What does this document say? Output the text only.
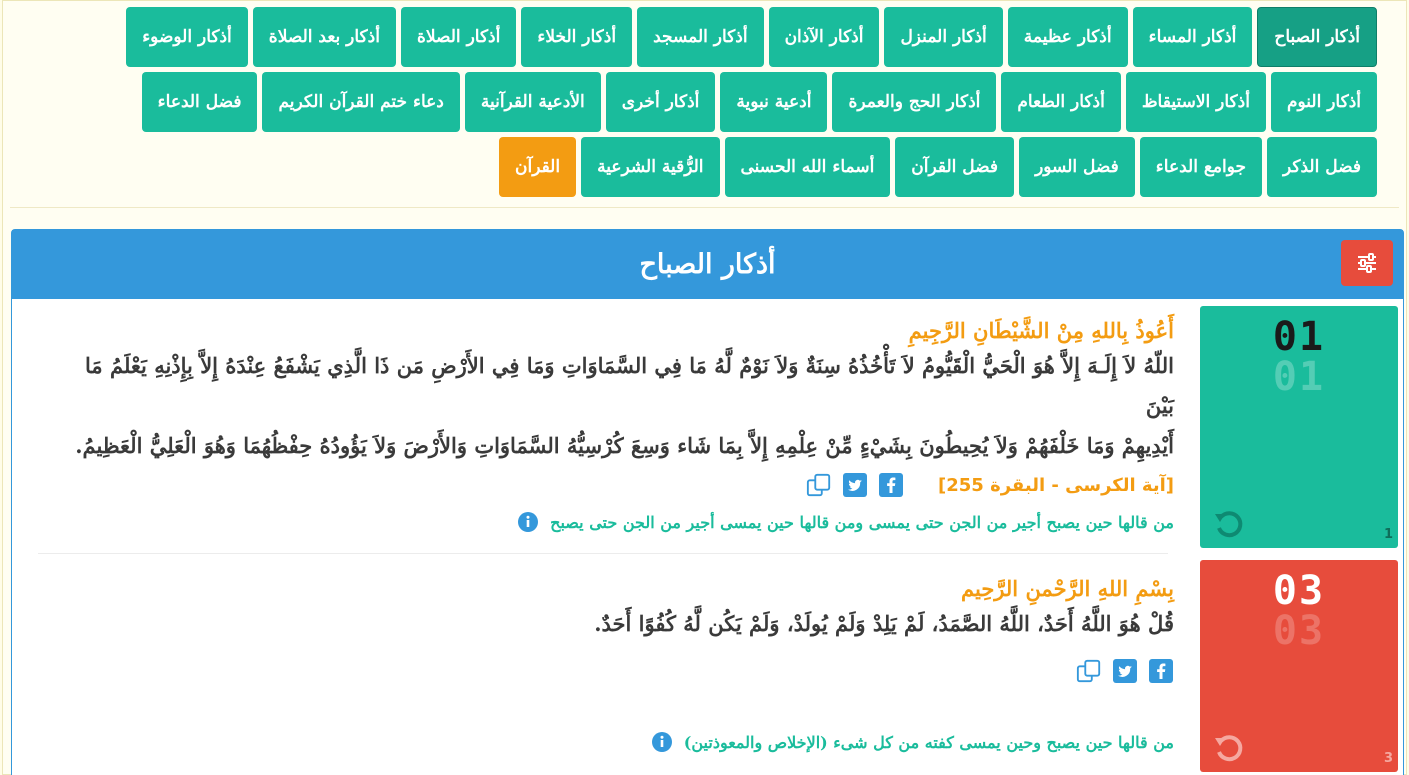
أذكار الصباح
أذكار المساء
أذكار عظيمة
أذكار المنزل
أذكار الآذان
أذكار المسجد
أذكار الخلاء
أذكار الصلاة
أذكار بعد الصلاة
أذكار الوضوء
أذكار النوم
أذكار الاستيقاظ
أذكار الطعام
أذكار الحج والعمرة
أدعية نبوية
أذكار أخرى
الأدعية القرآنية
دعاء ختم القرآن الكريم
فضل الدعاء
فضل الذكر
جوامع الدعاء
فضل السور
فضل القرآن
أسماء الله الحسنى
الرُّقية الشرعية
القرآن
أذكار الصباح
01
01
1
أَعُوذُ بِاللهِ مِنْ الشَّيْطَانِ الرَّجِيمِ
اللّهُ لاَ إِلَـهَ إِلاَّ هُوَ الْحَيُّ الْقَيُّومُ لاَ تَأْخُذُهُ سِنَةٌ وَلاَ نَوْمٌ لَّهُ مَا فِي السَّمَاوَاتِ وَمَا فِي الأَرْضِ مَن ذَا الَّذِي يَشْفَعُ عِنْدَهُ إِلاَّ بِإِذْنِهِ يَعْلَمُ مَا بَيْنَ
أَيْدِيهِمْ وَمَا خَلْفَهُمْ وَلاَ يُحِيطُونَ بِشَيْءٍ مِّنْ عِلْمِهِ إِلاَّ بِمَا شَاء وَسِعَ كُرْسِيُّهُ السَّمَاوَاتِ وَالأَرْضَ وَلاَ يَؤُودُهُ حِفْظُهُمَا وَهُوَ الْعَلِيُّ الْعَظِيمُ.
[آية الكرسى - البقرة 255]
من قالها حين يصبح أجير من الجن حتى يمسى ومن قالها حين يمسى أجير من الجن حتى يصبح
03
03
3
بِسْمِ اللهِ الرَّحْمنِ الرَّحِيم
قُلْ هُوَ اللَّهُ أَحَدٌ، اللَّهُ الصَّمَدُ، لَمْ يَلِدْ وَلَمْ يُولَدْ، وَلَمْ يَكُن لَّهُ كُفُوًا أَحَدٌ.
من قالها حين يصبح وحين يمسى كفته من كل شىء (الإخلاص والمعوذتين)
